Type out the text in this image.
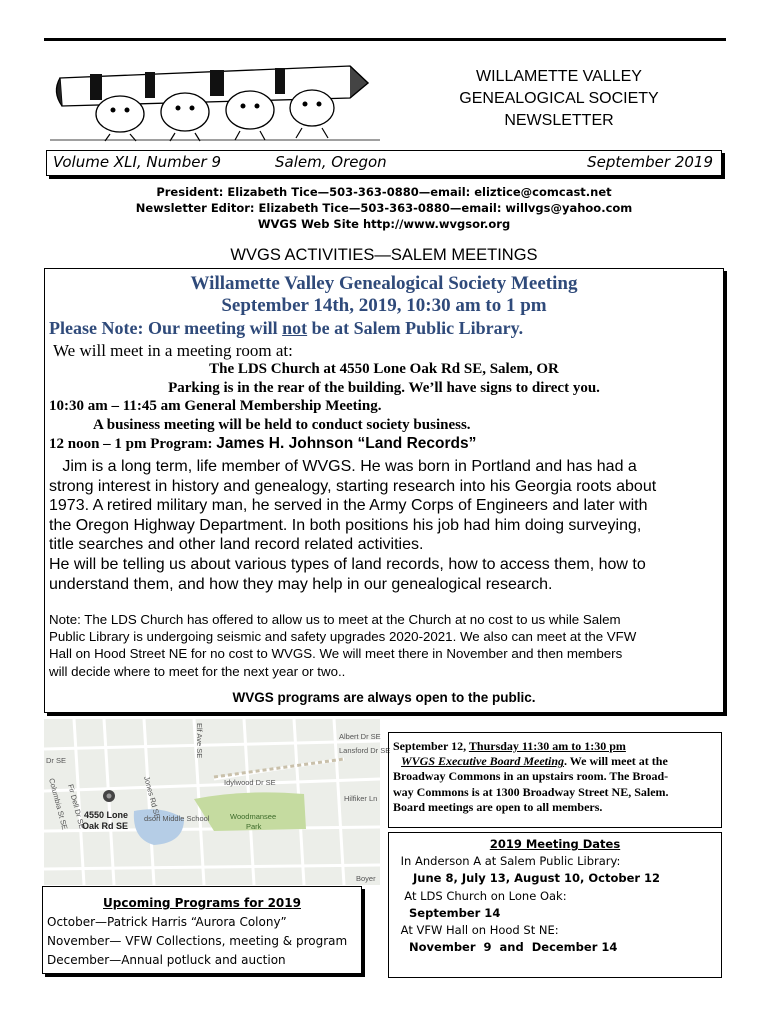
WILLAMETTE VALLEY
GENEALOGICAL SOCIETY
NEWSLETTER
Volume XLI, Number 9	Salem, Oregon	September 2019
President: Elizabeth Tice—503-363-0880—email: eliztice@comcast.net
Newsletter Editor: Elizabeth Tice—503-363-0880—email: willvgs@yahoo.com
WVGS Web Site http://www.wvgsor.org
WVGS ACTIVITIES—SALEM MEETINGS
Willamette Valley Genealogical Society Meeting
September 14th, 2019, 10:30 am to 1 pm
Please Note: Our meeting will not be at Salem Public Library.
We will meet in a meeting room at:
The LDS Church at 4550 Lone Oak Rd SE, Salem, OR
Parking is in the rear of the building. We’ll have signs to direct you.
10:30 am – 11:45 am General Membership Meeting.
A business meeting will be held to conduct society business.
12 noon – 1 pm Program: James H. Johnson “Land Records”
Jim is a long term, life member of WVGS. He was born in Portland and has had a
strong interest in history and genealogy, starting research into his Georgia roots about
1973. A retired military man, he served in the Army Corps of Engineers and later with
the Oregon Highway Department. In both positions his job had him doing surveying,
title searches and other land record related activities.
He will be telling us about various types of land records, how to access them, how to
understand them, and how they may help in our genealogical research.
Note: The LDS Church has offered to allow us to meet at the Church at no cost to us while Salem
Public Library is undergoing seismic and safety upgrades 2020-2021. We also can meet at the VFW
Hall on Hood Street NE for no cost to WVGS. We will meet there in November and then members
will decide where to meet for the next year or two..
WVGS programs are always open to the public.
Albert Dr SE
Lansford Dr SE
Dr SE
Idylwood Dr SE
Hilfiker Ln
Boyer
Elf Ave SE
Columbia St SE
Fir Dell Dr SE	Jones Rd SE
dson Middle School	Woodmansee
Park
4550 Lone
Oak Rd SE
Upcoming Programs for 2019
October—Patrick Harris “Aurora Colony”
November— VFW Collections, meeting & program
December—Annual potluck and auction
September 12, Thursday 11:30 am to 1:30 pm
WVGS Executive Board Meeting. We will meet at the
Broadway Commons in an upstairs room. The Broad-
way Commons is at 1300 Broadway Street NE, Salem.
Board meetings are open to all members.
2019 Meeting Dates
In Anderson A at Salem Public Library:
June 8, July 13, August 10, October 12
At LDS Church on Lone Oak:
September 14
At VFW Hall on Hood St NE:
November  9  and  December 14
